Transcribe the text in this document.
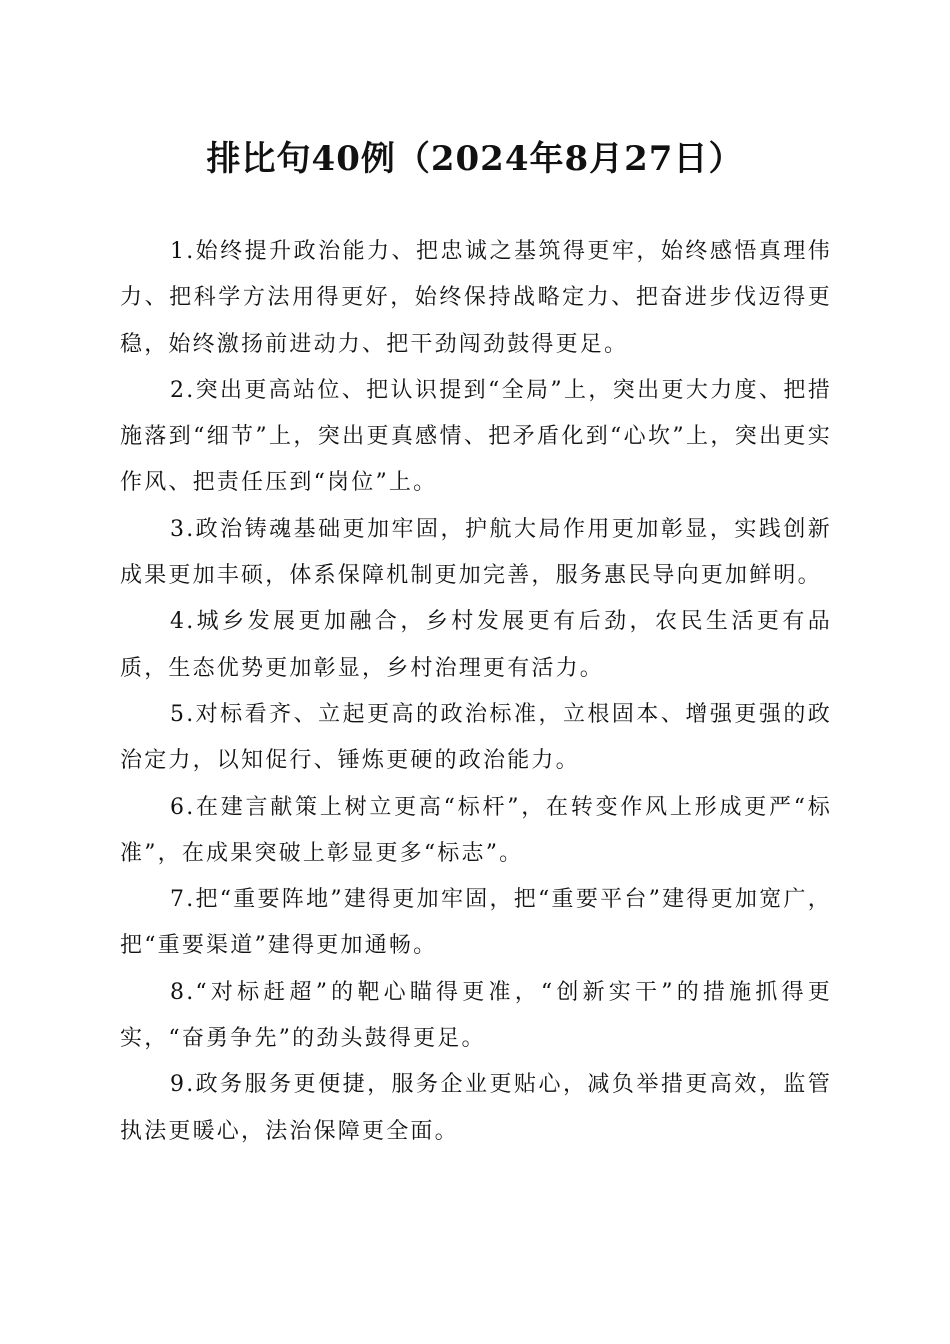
排比句40例（2024年8月27日）

1.始终提升政治能力、把忠诚之基筑得更牢，始终感悟真理伟力、把科学方法用得更好，始终保持战略定力、把奋进步伐迈得更稳，始终激扬前进动力、把干劲闯劲鼓得更足。

2.突出更高站位、把认识提到“全局”上，突出更大力度、把措施落到“细节”上，突出更真感情、把矛盾化到“心坎”上，突出更实作风、把责任压到“岗位”上。

3.政治铸魂基础更加牢固，护航大局作用更加彰显，实践创新成果更加丰硕，体系保障机制更加完善，服务惠民导向更加鲜明。

4.城乡发展更加融合，乡村发展更有后劲，农民生活更有品质，生态优势更加彰显，乡村治理更有活力。

5.对标看齐、立起更高的政治标准，立根固本、增强更强的政治定力，以知促行、锤炼更硬的政治能力。

6.在建言献策上树立更高“标杆”，在转变作风上形成更严“标准”，在成果突破上彰显更多“标志”。

7.把“重要阵地”建得更加牢固，把“重要平台”建得更加宽广，把“重要渠道”建得更加通畅。

8.“对标赶超”的靶心瞄得更准，“创新实干”的措施抓得更实，“奋勇争先”的劲头鼓得更足。

9.政务服务更便捷，服务企业更贴心，减负举措更高效，监管执法更暖心，法治保障更全面。
